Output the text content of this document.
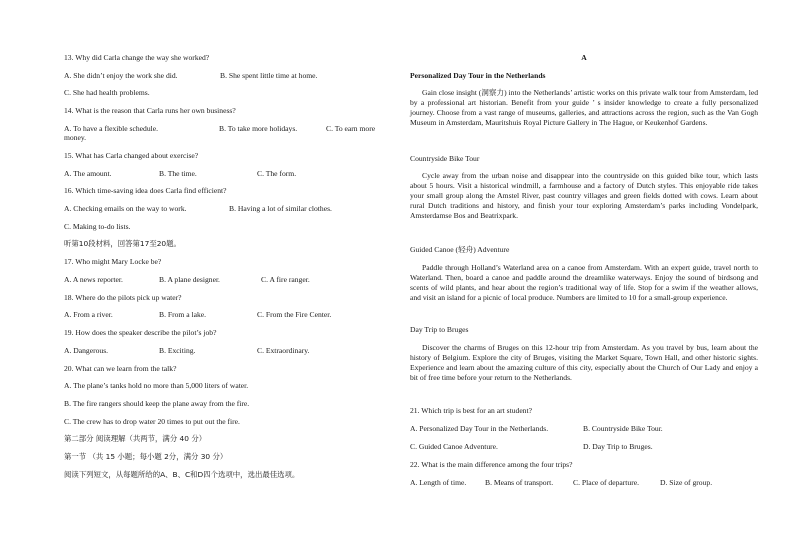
13. Why did Carla change the way she worked?
A. She didn’t enjoy the work she did.	B. She spent little time at home.
C. She had health problems.
14. What is the reason that Carla runs her own business?
A. To have a flexible schedule.	B. To take more holidays.	C. To earn more
money.
15. What has Carla changed about exercise?
A. The amount.	B. The time.	C. The form.
16. Which time-saving idea does Carla find efficient?
A. Checking emails on the way to work.	B. Having a lot of similar clothes.
C. Making to-do lists.
听第10段材料，回答第17至20题。
17. Who might Mary Locke be?
A. A news reporter.	B. A plane designer.	C. A fire ranger.
18. Where do the pilots pick up water?
A. From a river.	B. From a lake.	C. From the Fire Center.
19. How does the speaker describe the pilot’s job?
A. Dangerous.	B. Exciting.	C. Extraordinary.
20. What can we learn from the talk?
A. The plane’s tanks hold no more than 5,000 liters of water.
B. The fire rangers should keep the plane away from the fire.
C. The crew has to drop water 20 times to put out the fire.
第二部分 阅读理解（共两节，满分 40 分）
第一节 （共 15 小题；每小题 2分，满分 30 分）
阅读下列短文，从每题所给的A、B、C和D四个选项中，选出最佳选项。
A
Personalized Day Tour in the Netherlands
Gain close insight (洞察力) into the Netherlands’ artistic works on this private walk tour from Amsterdam, led by a professional art historian. Benefit from your guide ’ s insider knowledge to create a fully personalized journey. Choose from a vast range of museums, galleries, and attractions across the region, such as the Van Gogh Museum in Amsterdam, Mauritshuis Royal Picture Gallery in The Hague, or Keukenhof Gardens.
Countryside Bike Tour
Cycle away from the urban noise and disappear into the countryside on this guided bike tour, which lasts about 5 hours. Visit a historical windmill, a farmhouse and a factory of Dutch styles. This enjoyable ride takes your small group along the Amstel River, past country villages and green fields dotted with cows. Learn about rural Dutch traditions and history, and finish your tour exploring Amsterdam’s parks including Vondelpark, Amsterdamse Bos and Beatrixpark.
Guided Canoe (轻舟) Adventure
Paddle through Holland’s Waterland area on a canoe from Amsterdam. With an expert guide, travel north to Waterland. Then, board a canoe and paddle around the dreamlike waterways. Enjoy the sound of birdsong and scents of wild plants, and hear about the region’s traditional way of life. Stop for a swim if the weather allows, and visit an island for a picnic of local produce. Numbers are limited to 10 for a small-group experience.
Day Trip to Bruges
Discover the charms of Bruges on this 12-hour trip from Amsterdam. As you travel by bus, learn about the history of Belgium. Explore the city of Bruges, visiting the Market Square, Town Hall, and other historic sights. Experience and learn about the amazing culture of this city, especially about the Church of Our Lady and enjoy a bit of free time before your return to the Netherlands.
21. Which trip is best for an art student?
A. Personalized Day Tour in the Netherlands.	B. Countryside Bike Tour.
C. Guided Canoe Adventure.	D. Day Trip to Bruges.
22. What is the main difference among the four trips?
A. Length of time. B. Means of transport.	C. Place of departure.	D. Size of group.
